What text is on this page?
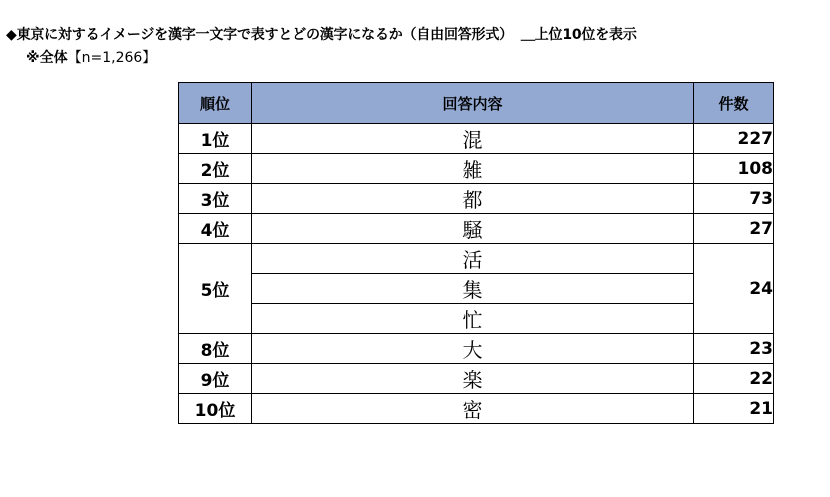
◆東京に対するイメージを漢字一文字で表すとどの漢字になるか（自由回答形式） ＿上位10位を表示
※全体【n=1,266】
順位	回答内容	件数
1位	混	227
2位	雑	108
3位	都	73
4位	騒	27
5位	活	24
	集	
	忙	
8位	大	23
9位	楽	22
10位	密	21
